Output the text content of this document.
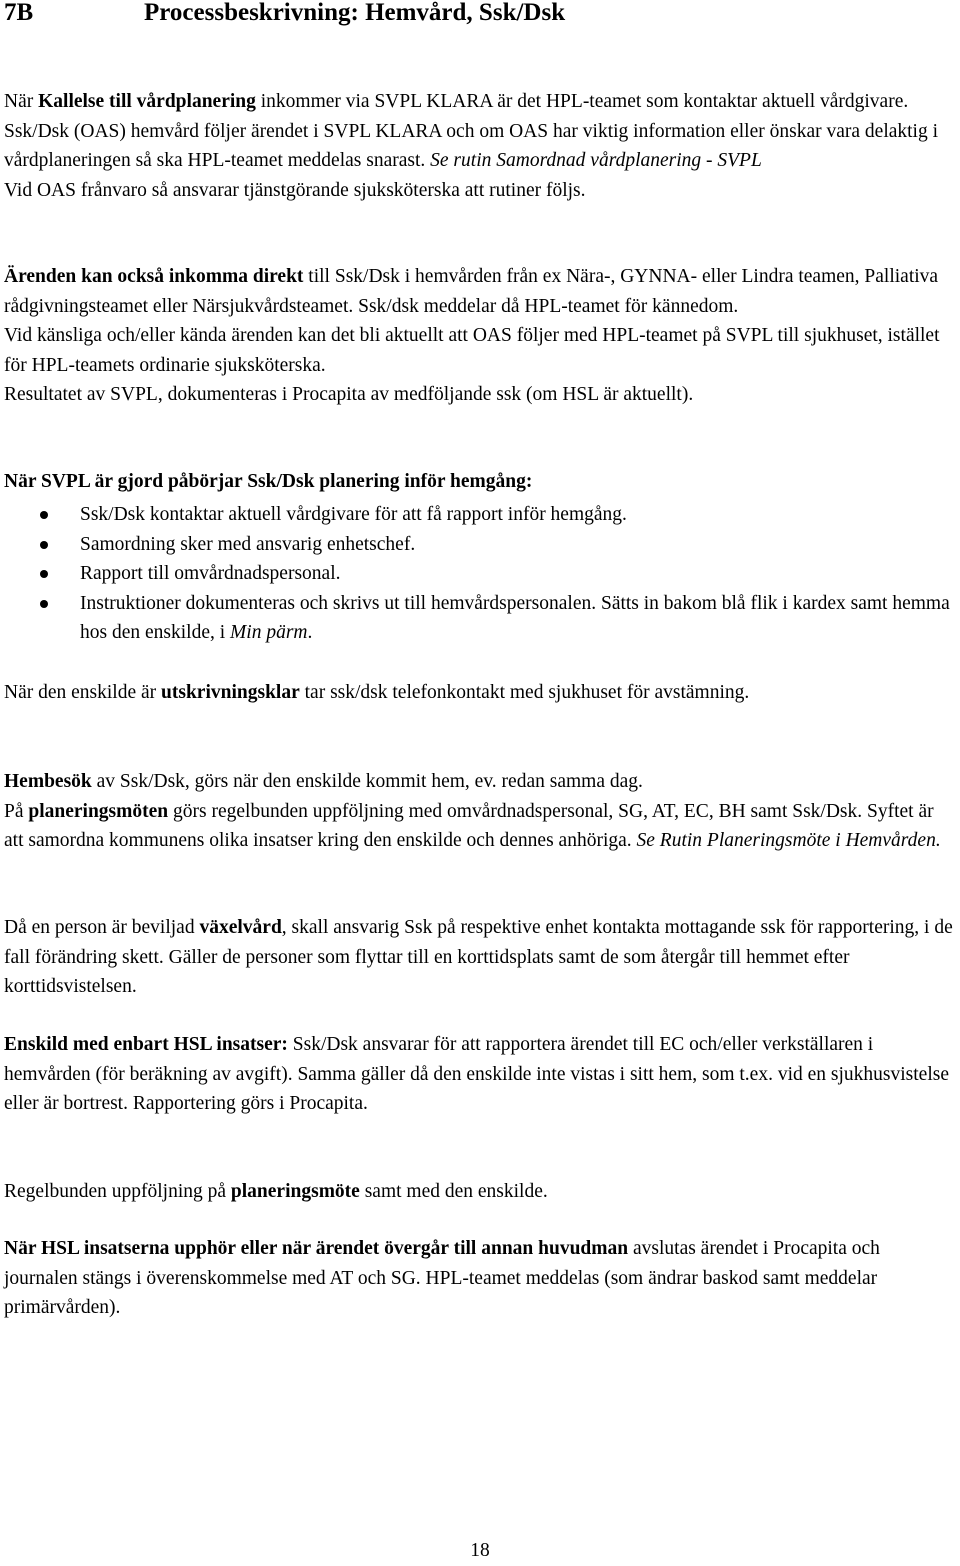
7B	Processbeskrivning: Hemvård, Ssk/Dsk

När Kallelse till vårdplanering inkommer via SVPL KLARA är det HPL-teamet som kontaktar aktuell vårdgivare. Ssk/Dsk (OAS) hemvård följer ärendet i SVPL KLARA och om OAS har viktig information eller önskar vara delaktig i vårdplaneringen så ska HPL-teamet meddelas snarast. Se rutin Samordnad vårdplanering - SVPL
Vid OAS frånvaro så ansvarar tjänstgörande sjuksköterska att rutiner följs.

Ärenden kan också inkomma direkt till Ssk/Dsk i hemvården från ex Nära-, GYNNA- eller Lindra teamen, Palliativa rådgivningsteamet eller Närsjukvårdsteamet. Ssk/dsk meddelar då HPL-teamet för kännedom.
Vid känsliga och/eller kända ärenden kan det bli aktuellt att OAS följer med HPL-teamet på SVPL till sjukhuset, istället för HPL-teamets ordinarie sjuksköterska.
Resultatet av SVPL, dokumenteras i Procapita av medföljande ssk (om HSL är aktuellt).

När SVPL är gjord påbörjar Ssk/Dsk planering inför hemgång:

Ssk/Dsk kontaktar aktuell vårdgivare för att få rapport inför hemgång.
Samordning sker med ansvarig enhetschef.
Rapport till omvårdnadspersonal.
Instruktioner dokumenteras och skrivs ut till hemvårdspersonalen. Sätts in bakom blå flik i kardex samt hemma hos den enskilde, i Min pärm.

När den enskilde är utskrivningsklar tar ssk/dsk telefonkontakt med sjukhuset för avstämning.

Hembesök av Ssk/Dsk, görs när den enskilde kommit hem, ev. redan samma dag.
På planeringsmöten görs regelbunden uppföljning med omvårdnadspersonal, SG, AT, EC, BH samt Ssk/Dsk. Syftet är att samordna kommunens olika insatser kring den enskilde och dennes anhöriga. Se Rutin Planeringsmöte i Hemvården.

Då en person är beviljad växelvård, skall ansvarig Ssk på respektive enhet kontakta mottagande ssk för rapportering, i de fall förändring skett. Gäller de personer som flyttar till en korttidsplats samt de som återgår till hemmet efter korttidsvistelsen.

Enskild med enbart HSL insatser: Ssk/Dsk ansvarar för att rapportera ärendet till EC och/eller verkställaren i hemvården (för beräkning av avgift). Samma gäller då den enskilde inte vistas i sitt hem, som t.ex. vid en sjukhusvistelse eller är bortrest. Rapportering görs i Procapita.

Regelbunden uppföljning på planeringsmöte samt med den enskilde.

När HSL insatserna upphör eller när ärendet övergår till annan huvudman avslutas ärendet i Procapita och journalen stängs i överenskommelse med AT och SG. HPL-teamet meddelas (som ändrar baskod samt meddelar primärvården).

18
